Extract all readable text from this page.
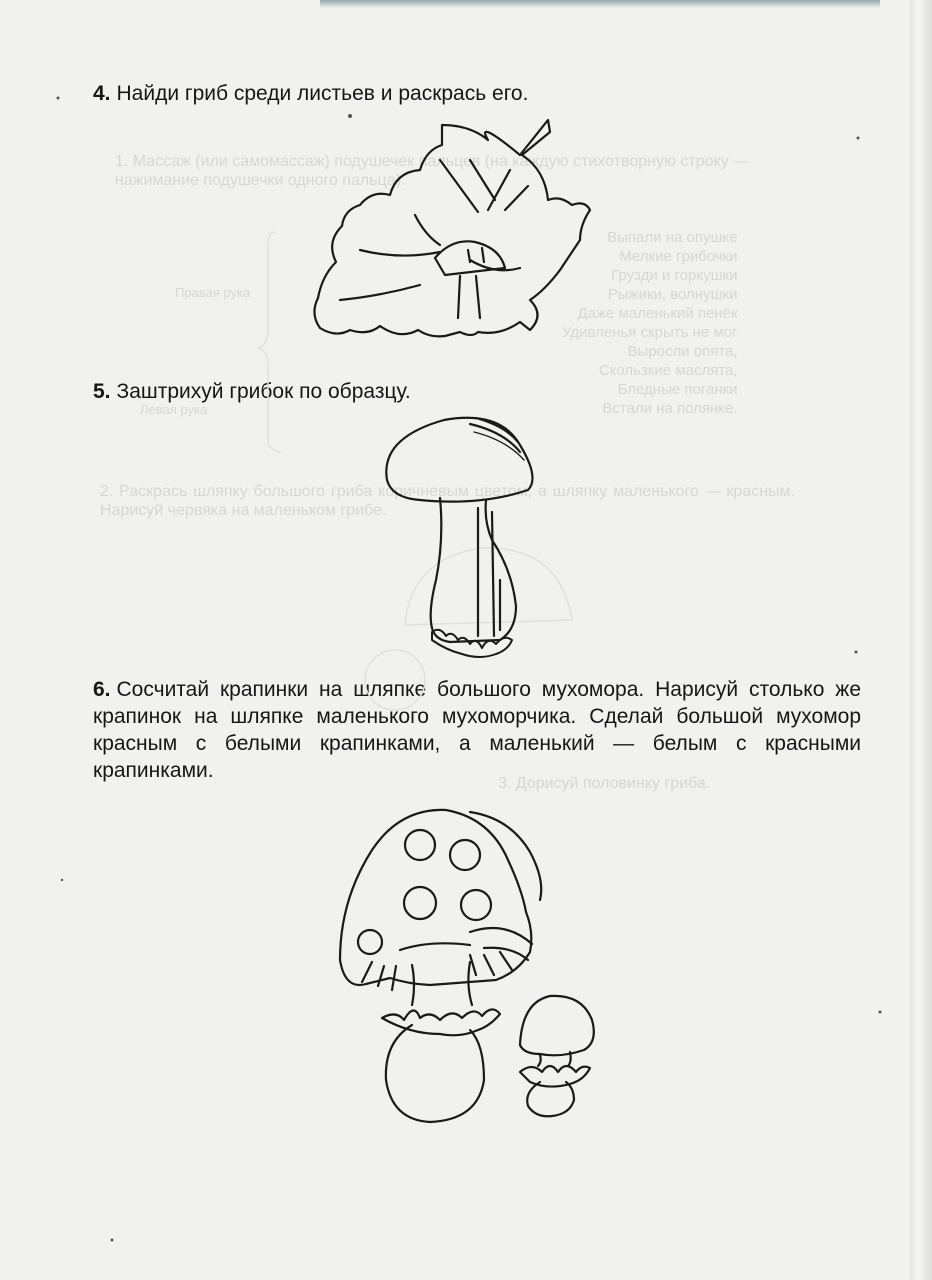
1. Массаж (или самомассаж) подушечек пальцев (на каждую стихотворную строку — нажимание подушечки одного пальца).
Выпали на опушке
Мелкие грибочки
Грузди и горкушки
Рыжики, волнушки
Даже маленький пенёк
Удивленья скрыть не мог
Выросли опята,
Скользкие маслята,
Бледные поганки
Встали на полянке.
Правая рука
Левая рука
2. Раскрась шляпку большого гриба коричневым цветом, а шляпку маленького — красным. Нарисуй червяка на маленьком грибе.
3. Дорисуй половинку гриба.
4. Найди гриб среди листьев и раскрась его.
5. Заштрихуй грибок по образцу.
6. Сосчитай крапинки на шляпке большого мухомора. Нарисуй столько же крапинок на шляпке маленького мухоморчика. Сделай большой мухомор красным с белыми крапинками, а маленький — белым с красными крапинками.
